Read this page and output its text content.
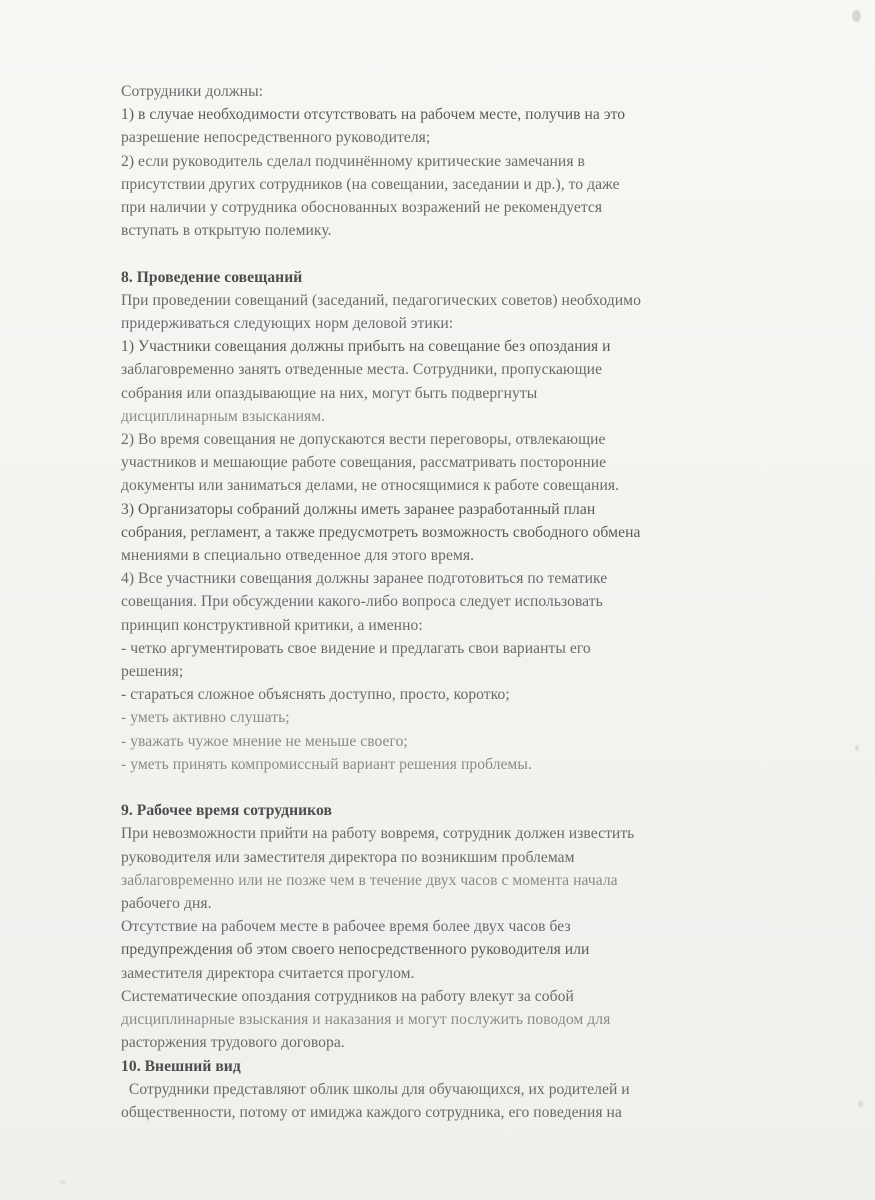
Сотрудники должны:
1) в случае необходимости отсутствовать на рабочем месте, получив на это
разрешение непосредственного руководителя;
2) если руководитель сделал подчинённому критические замечания в
присутствии других сотрудников (на совещании, заседании и др.), то даже
при наличии у сотрудника обоснованных возражений не рекомендуется
вступать в открытую полемику.
8. Проведение совещаний
При проведении совещаний (заседаний, педагогических советов) необходимо
придерживаться следующих норм деловой этики:
1) Участники совещания должны прибыть на совещание без опоздания и
заблаговременно занять отведенные места. Сотрудники, пропускающие
собрания или опаздывающие на них, могут быть подвергнуты
дисциплинарным взысканиям.
2) Во время совещания не допускаются вести переговоры, отвлекающие
участников и мешающие работе совещания, рассматривать посторонние
документы или заниматься делами, не относящимися к работе совещания.
3) Организаторы собраний должны иметь заранее разработанный план
собрания, регламент, а также предусмотреть возможность свободного обмена
мнениями в специально отведенное для этого время.
4) Все участники совещания должны заранее подготовиться по тематике
совещания. При обсуждении какого-либо вопроса следует использовать
принцип конструктивной критики, а именно:
- четко аргументировать свое видение и предлагать свои варианты его
решения;
- стараться сложное объяснять доступно, просто, коротко;
- уметь активно слушать;
- уважать чужое мнение не меньше своего;
- уметь принять компромиссный вариант решения проблемы.
9. Рабочее время сотрудников
При невозможности прийти на работу вовремя, сотрудник должен известить
руководителя или заместителя директора по возникшим проблемам
заблаговременно или не позже чем в течение двух часов с момента начала
рабочего дня.
Отсутствие на рабочем месте в рабочее время более двух часов без
предупреждения об этом своего непосредственного руководителя или
заместителя директора считается прогулом.
Систематические опоздания сотрудников на работу влекут за собой
дисциплинарные взыскания и наказания и могут послужить поводом для
расторжения трудового договора.
10. Внешний вид
Сотрудники представляют облик школы для обучающихся, их родителей и
общественности, потому от имиджа каждого сотрудника, его поведения на
